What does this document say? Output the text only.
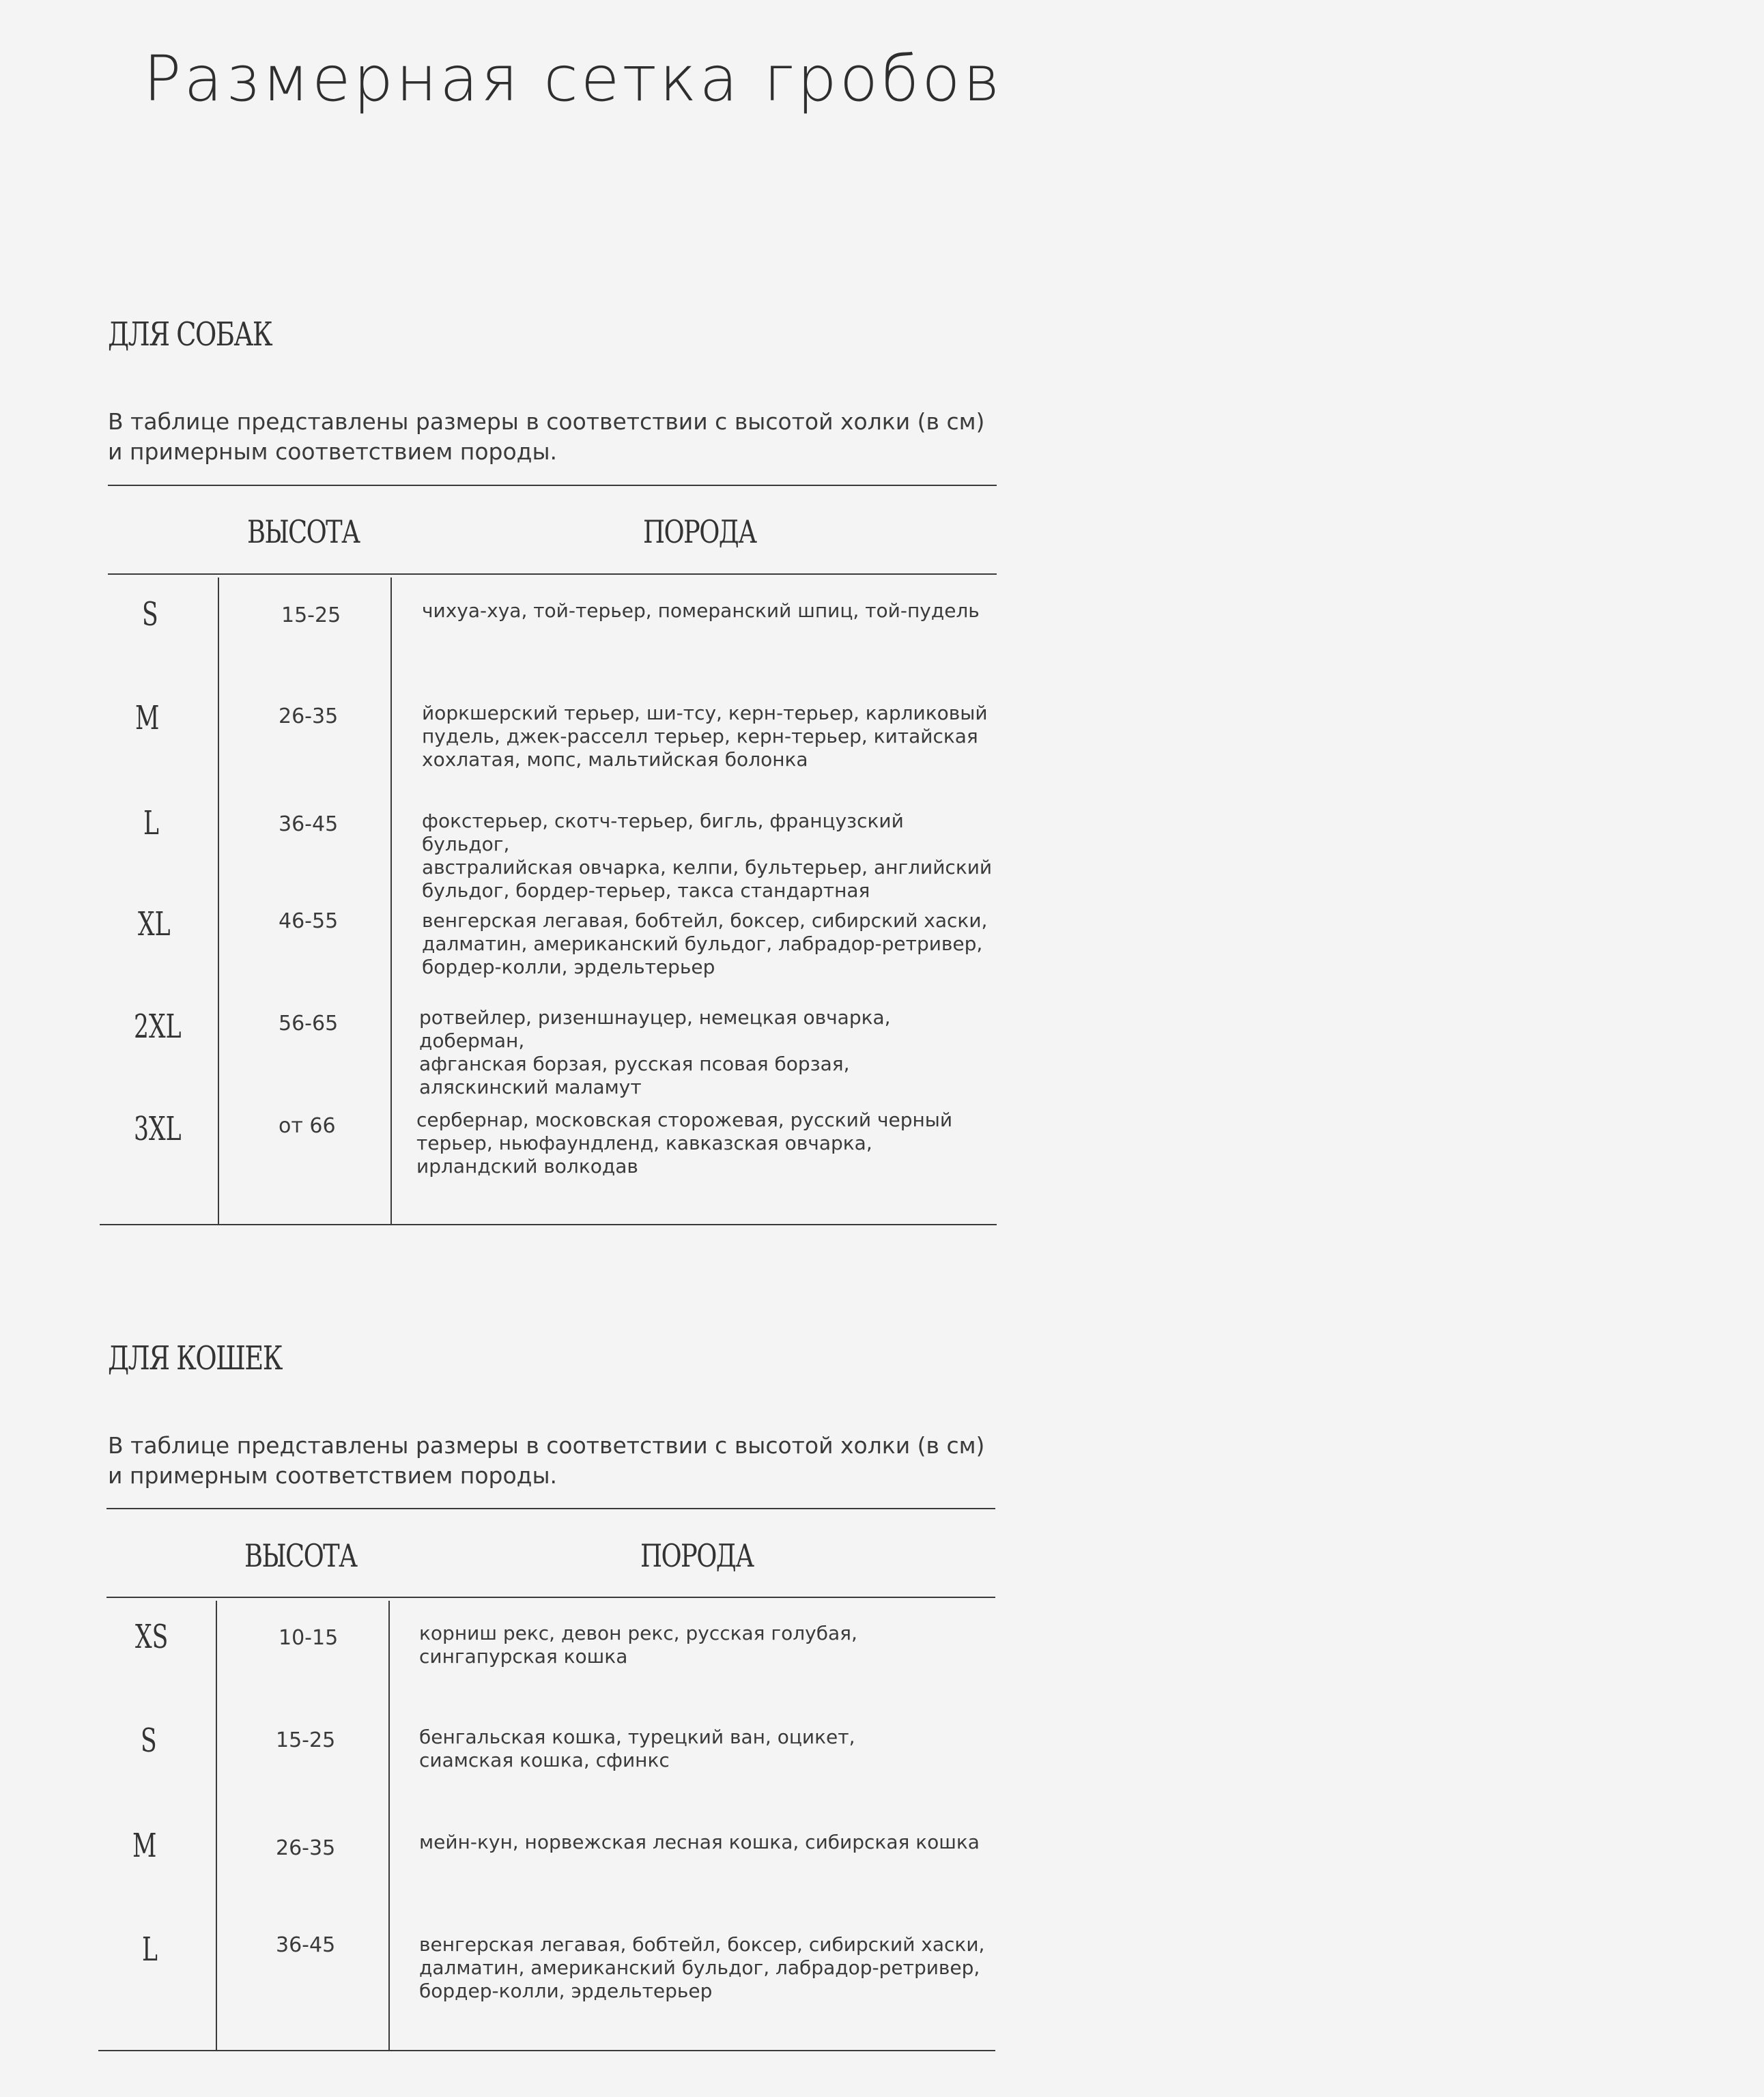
Размерная сетка гробов
ДЛЯ СОБАК
В таблице представлены размеры в соответствии с высотой холки (в см)
и примерным соответствием породы.
ВЫСОТА	ПОРОДА
S	15-25	чихуа-хуа, той-терьер, померанский шпиц, той-пудель
M	26-35	йоркшерский терьер, ши-тсу, керн-терьер, карликовый
пудель, джек-расселл терьер, керн-терьер, китайская
хохлатая, мопс, мальтийская болонка
L	36-45	фокстерьер, скотч-терьер, бигль, французский бульдог,
австралийская овчарка, келпи, бультерьер, английский
бульдог, бордер-терьер, такса стандартная
XL	46-55	венгерская легавая, бобтейл, боксер, сибирский хаски,
далматин, американский бульдог, лабрадор-ретривер,
бордер-колли, эрдельтерьер
2XL	56-65	ротвейлер, ризеншнауцер, немецкая овчарка, доберман,
афганская борзая, русская псовая борзая,
аляскинский маламут
3XL	от 66	сербернар, московская сторожевая, русский черный
терьер, ньюфаундленд, кавказская овчарка,
ирландский волкодав
ДЛЯ КОШЕК
В таблице представлены размеры в соответствии с высотой холки (в см)
и примерным соответствием породы.
ВЫСОТА	ПОРОДА
XS	10-15	корниш рекс, девон рекс, русская голубая,
сингапурская кошка
S	15-25	бенгальская кошка, турецкий ван, оцикет,
сиамская кошка, сфинкс
M	26-35	мейн-кун, норвежская лесная кошка, сибирская кошка
L	36-45	венгерская легавая, бобтейл, боксер, сибирский хаски,
далматин, американский бульдог, лабрадор-ретривер,
бордер-колли, эрдельтерьер
